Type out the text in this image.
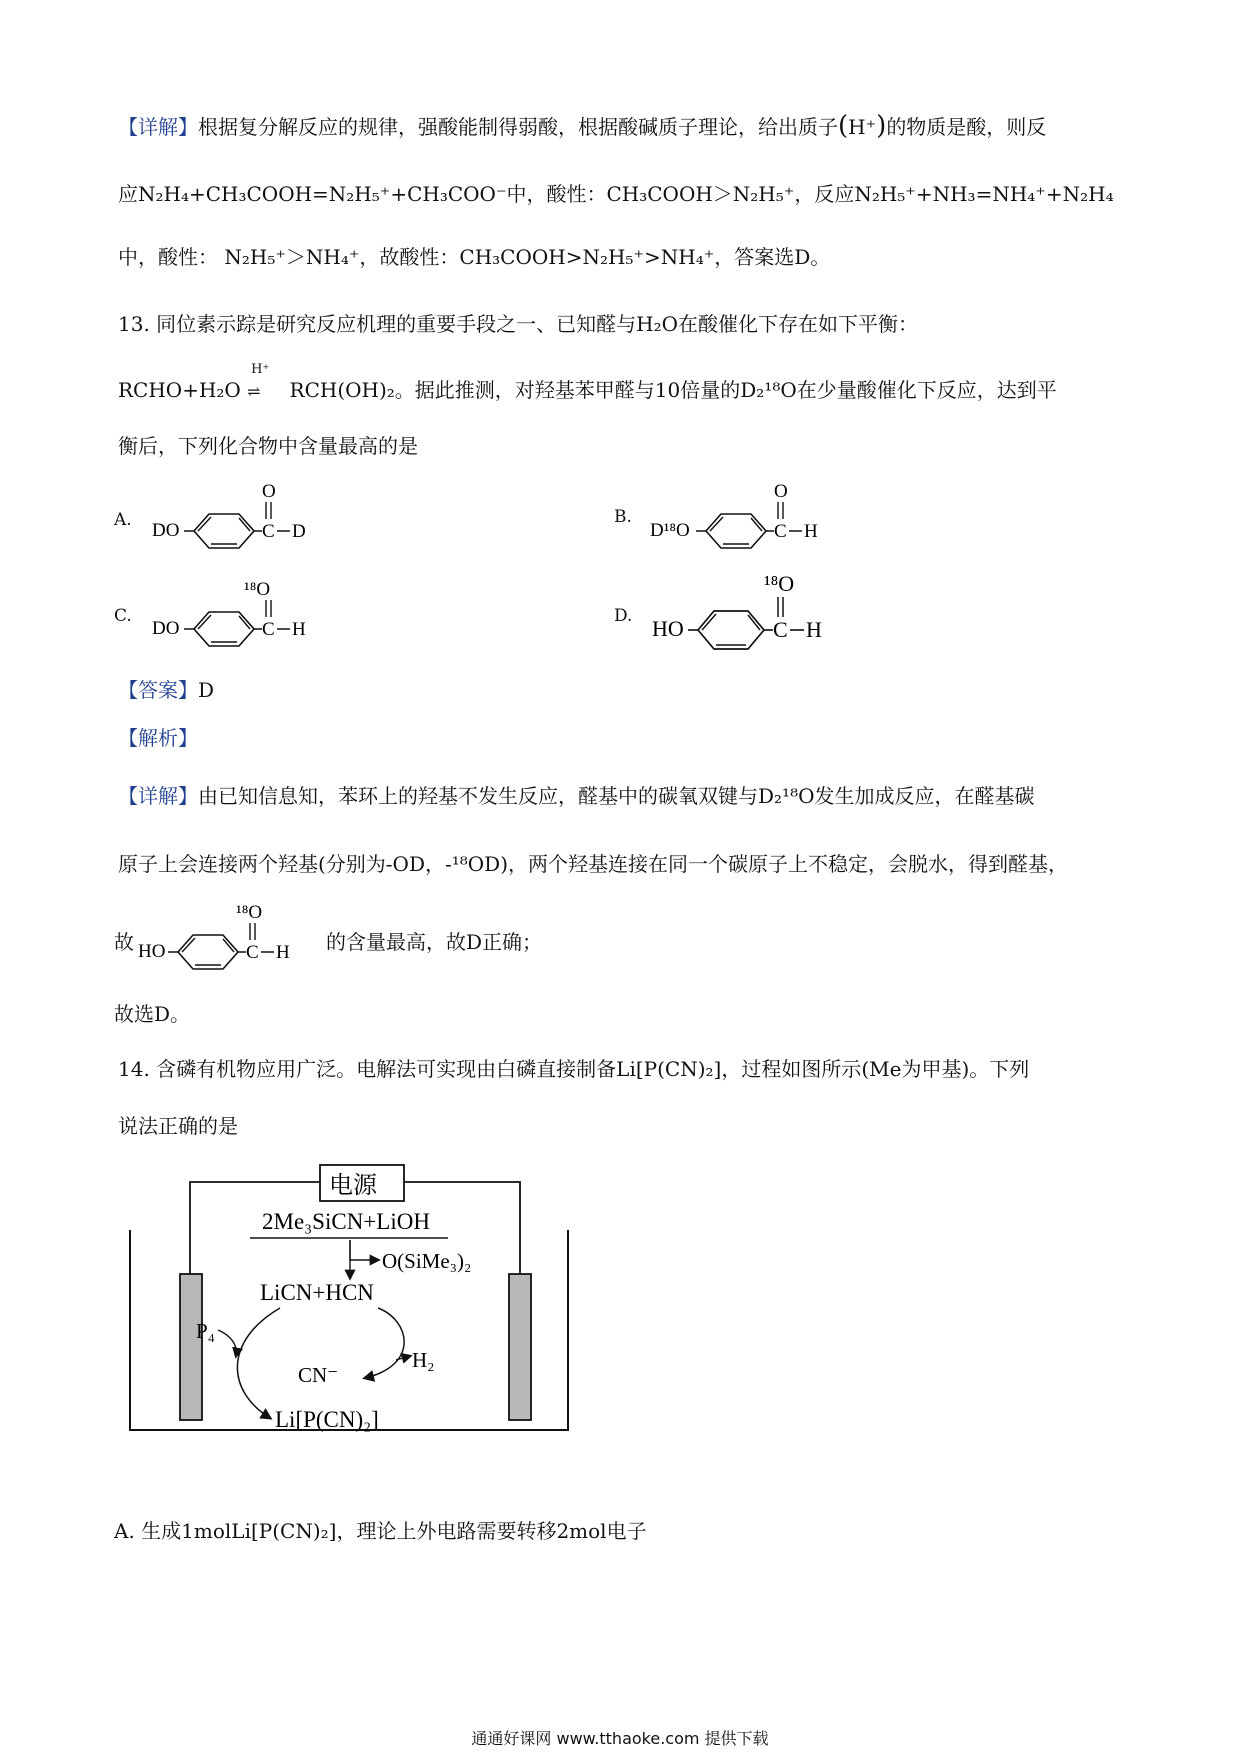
【详解】根据复分解反应的规律，强酸能制得弱酸，根据酸碱质子理论，给出质子(H⁺)的物质是酸，则反
应N₂H₄+CH₃COOH=N₂H₅⁺+CH₃COO⁻中，酸性：CH₃COOH＞N₂H₅⁺，反应N₂H₅⁺+NH₃=NH₄⁺+N₂H₄
中，酸性： N₂H₅⁺＞NH₄⁺，故酸性：CH₃COOH>N₂H₅⁺>NH₄⁺，答案选D。
13. 同位素示踪是研究反应机理的重要手段之一、已知醛与H₂O在酸催化下存在如下平衡：
RCHO+H₂O
H⁺
⇌ RCH(OH)₂。据此推测，对羟基苯甲醛与10倍量的D₂¹⁸O在少量酸催化下反应，达到平
衡后，下列化合物中含量最高的是
A. DO	C
O
D
B.
D¹⁸O	C
O
H
C.
DO	C
¹⁸O
H
D. HO	C
¹⁸O
H
【答案】D
【解析】
【详解】由已知信息知，苯环上的羟基不发生反应，醛基中的碳氧双键与D₂¹⁸O发生加成反应，在醛基碳
原子上会连接两个羟基(分别为-OD，-¹⁸OD)，两个羟基连接在同一个碳原子上不稳定，会脱水，得到醛基，
故 HO	C
¹⁸O
H 的含量最高，故D正确；
故选D。
14. 含磷有机物应用广泛。电解法可实现由白磷直接制备Li[P(CN)₂]，过程如图所示(Me为甲基)。下列
说法正确的是
电源
2Me₃SiCN+LiOH
O(SiMe₃)₂
LiCN+HCN
P₄
H₂
CN⁻
Li[P(CN)₂]
A. 生成1molLi[P(CN)₂]，理论上外电路需要转移2mol电子
通通好课网 www.tthaoke.com 提供下载
